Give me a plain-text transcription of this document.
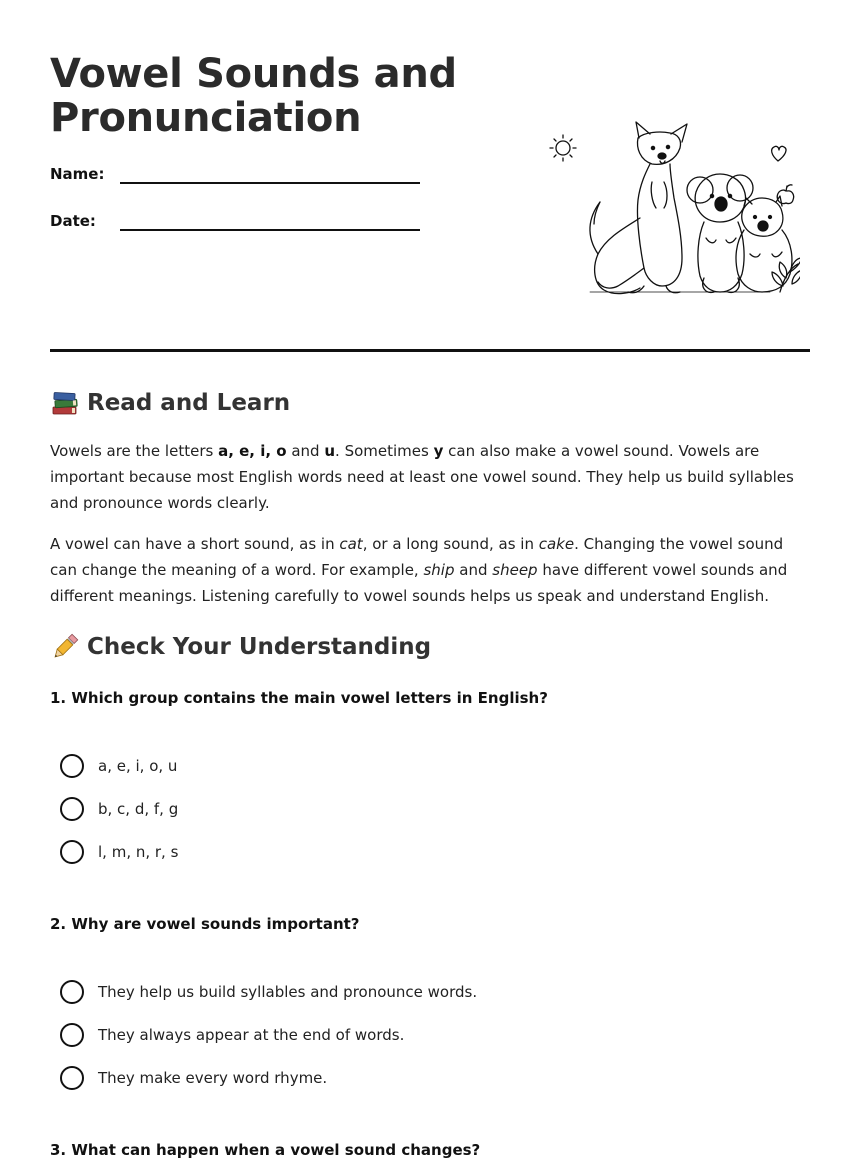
Vowel Sounds and Pronunciation
Name:
Date:
Read and Learn

Vowels are the letters a, e, i, o and u. Sometimes y can also make a vowel sound. Vowels are important because most English words need at least one vowel sound. They help us build syllables and pronounce words clearly.

A vowel can have a short sound, as in cat, or a long sound, as in cake. Changing the vowel sound can change the meaning of a word. For example, ship and sheep have different vowel sounds and different meanings. Listening carefully to vowel sounds helps us speak and understand English.

Check Your Understanding
1. Which group contains the main vowel letters in English?
a, e, i, o, u
b, c, d, f, g
l, m, n, r, s
2. Why are vowel sounds important?
They help us build syllables and pronounce words.
They always appear at the end of words.
They make every word rhyme.
3. What can happen when a vowel sound changes?
